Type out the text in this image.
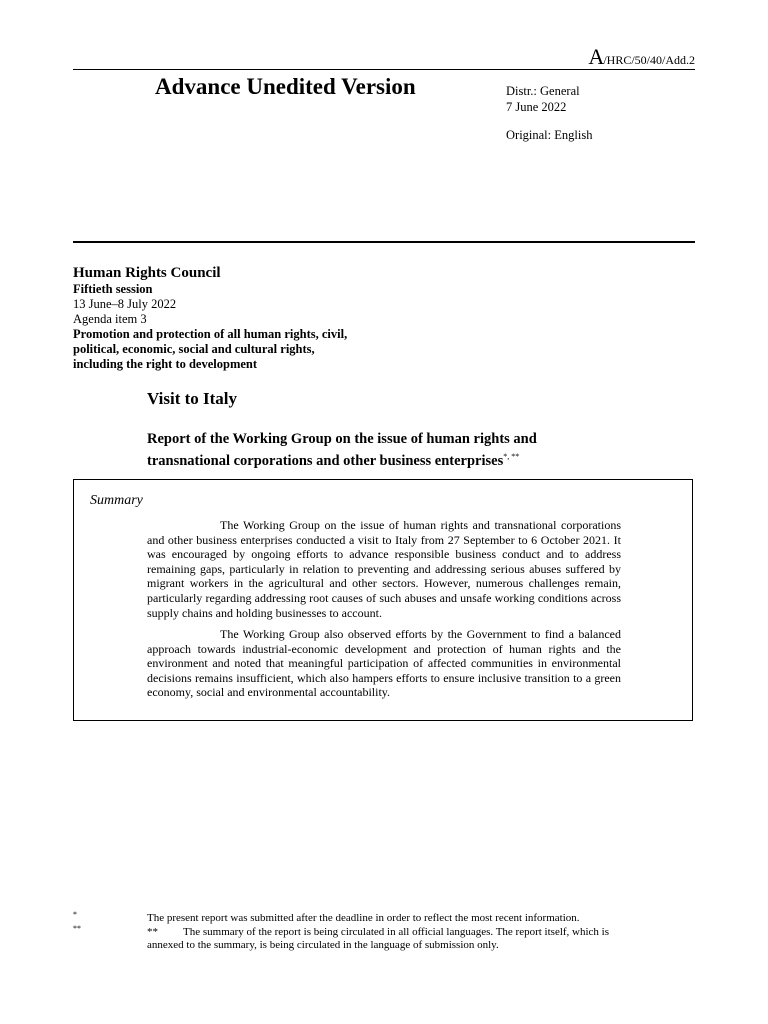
A/HRC/50/40/Add.2
Advance Unedited Version	Distr.: General
7 June 2022
Original: English
Human Rights Council
Fiftieth session
13 June–8 July 2022
Agenda item 3
Promotion and protection of all human rights, civil,
political, economic, social and cultural rights,
including the right to development
Visit to Italy
Report of the Working Group on the issue of human rights and
transnational corporations and other business enterprises*, **
Summary
The Working Group on the issue of human rights and transnational corporations and other business enterprises conducted a visit to Italy from 27 September to 6 October 2021. It was encouraged by ongoing efforts to advance responsible business conduct and to address remaining gaps, particularly in relation to preventing and addressing serious abuses suffered by migrant workers in the agricultural and other sectors. However, numerous challenges remain, particularly regarding addressing root causes of such abuses and unsafe working conditions across supply chains and holding businesses to account.
The Working Group also observed efforts by the Government to find a balanced approach towards industrial-economic development and protection of human rights and the environment and noted that meaningful participation of affected communities in environmental decisions remains insufficient, which also hampers efforts to ensure inclusive transition to a green economy, social and environmental accountability.
*	The present report was submitted after the deadline in order to reflect the most recent information.
**	** The summary of the report is being circulated in all official languages. The report itself, which is annexed to the summary, is being circulated in the language of submission only.
